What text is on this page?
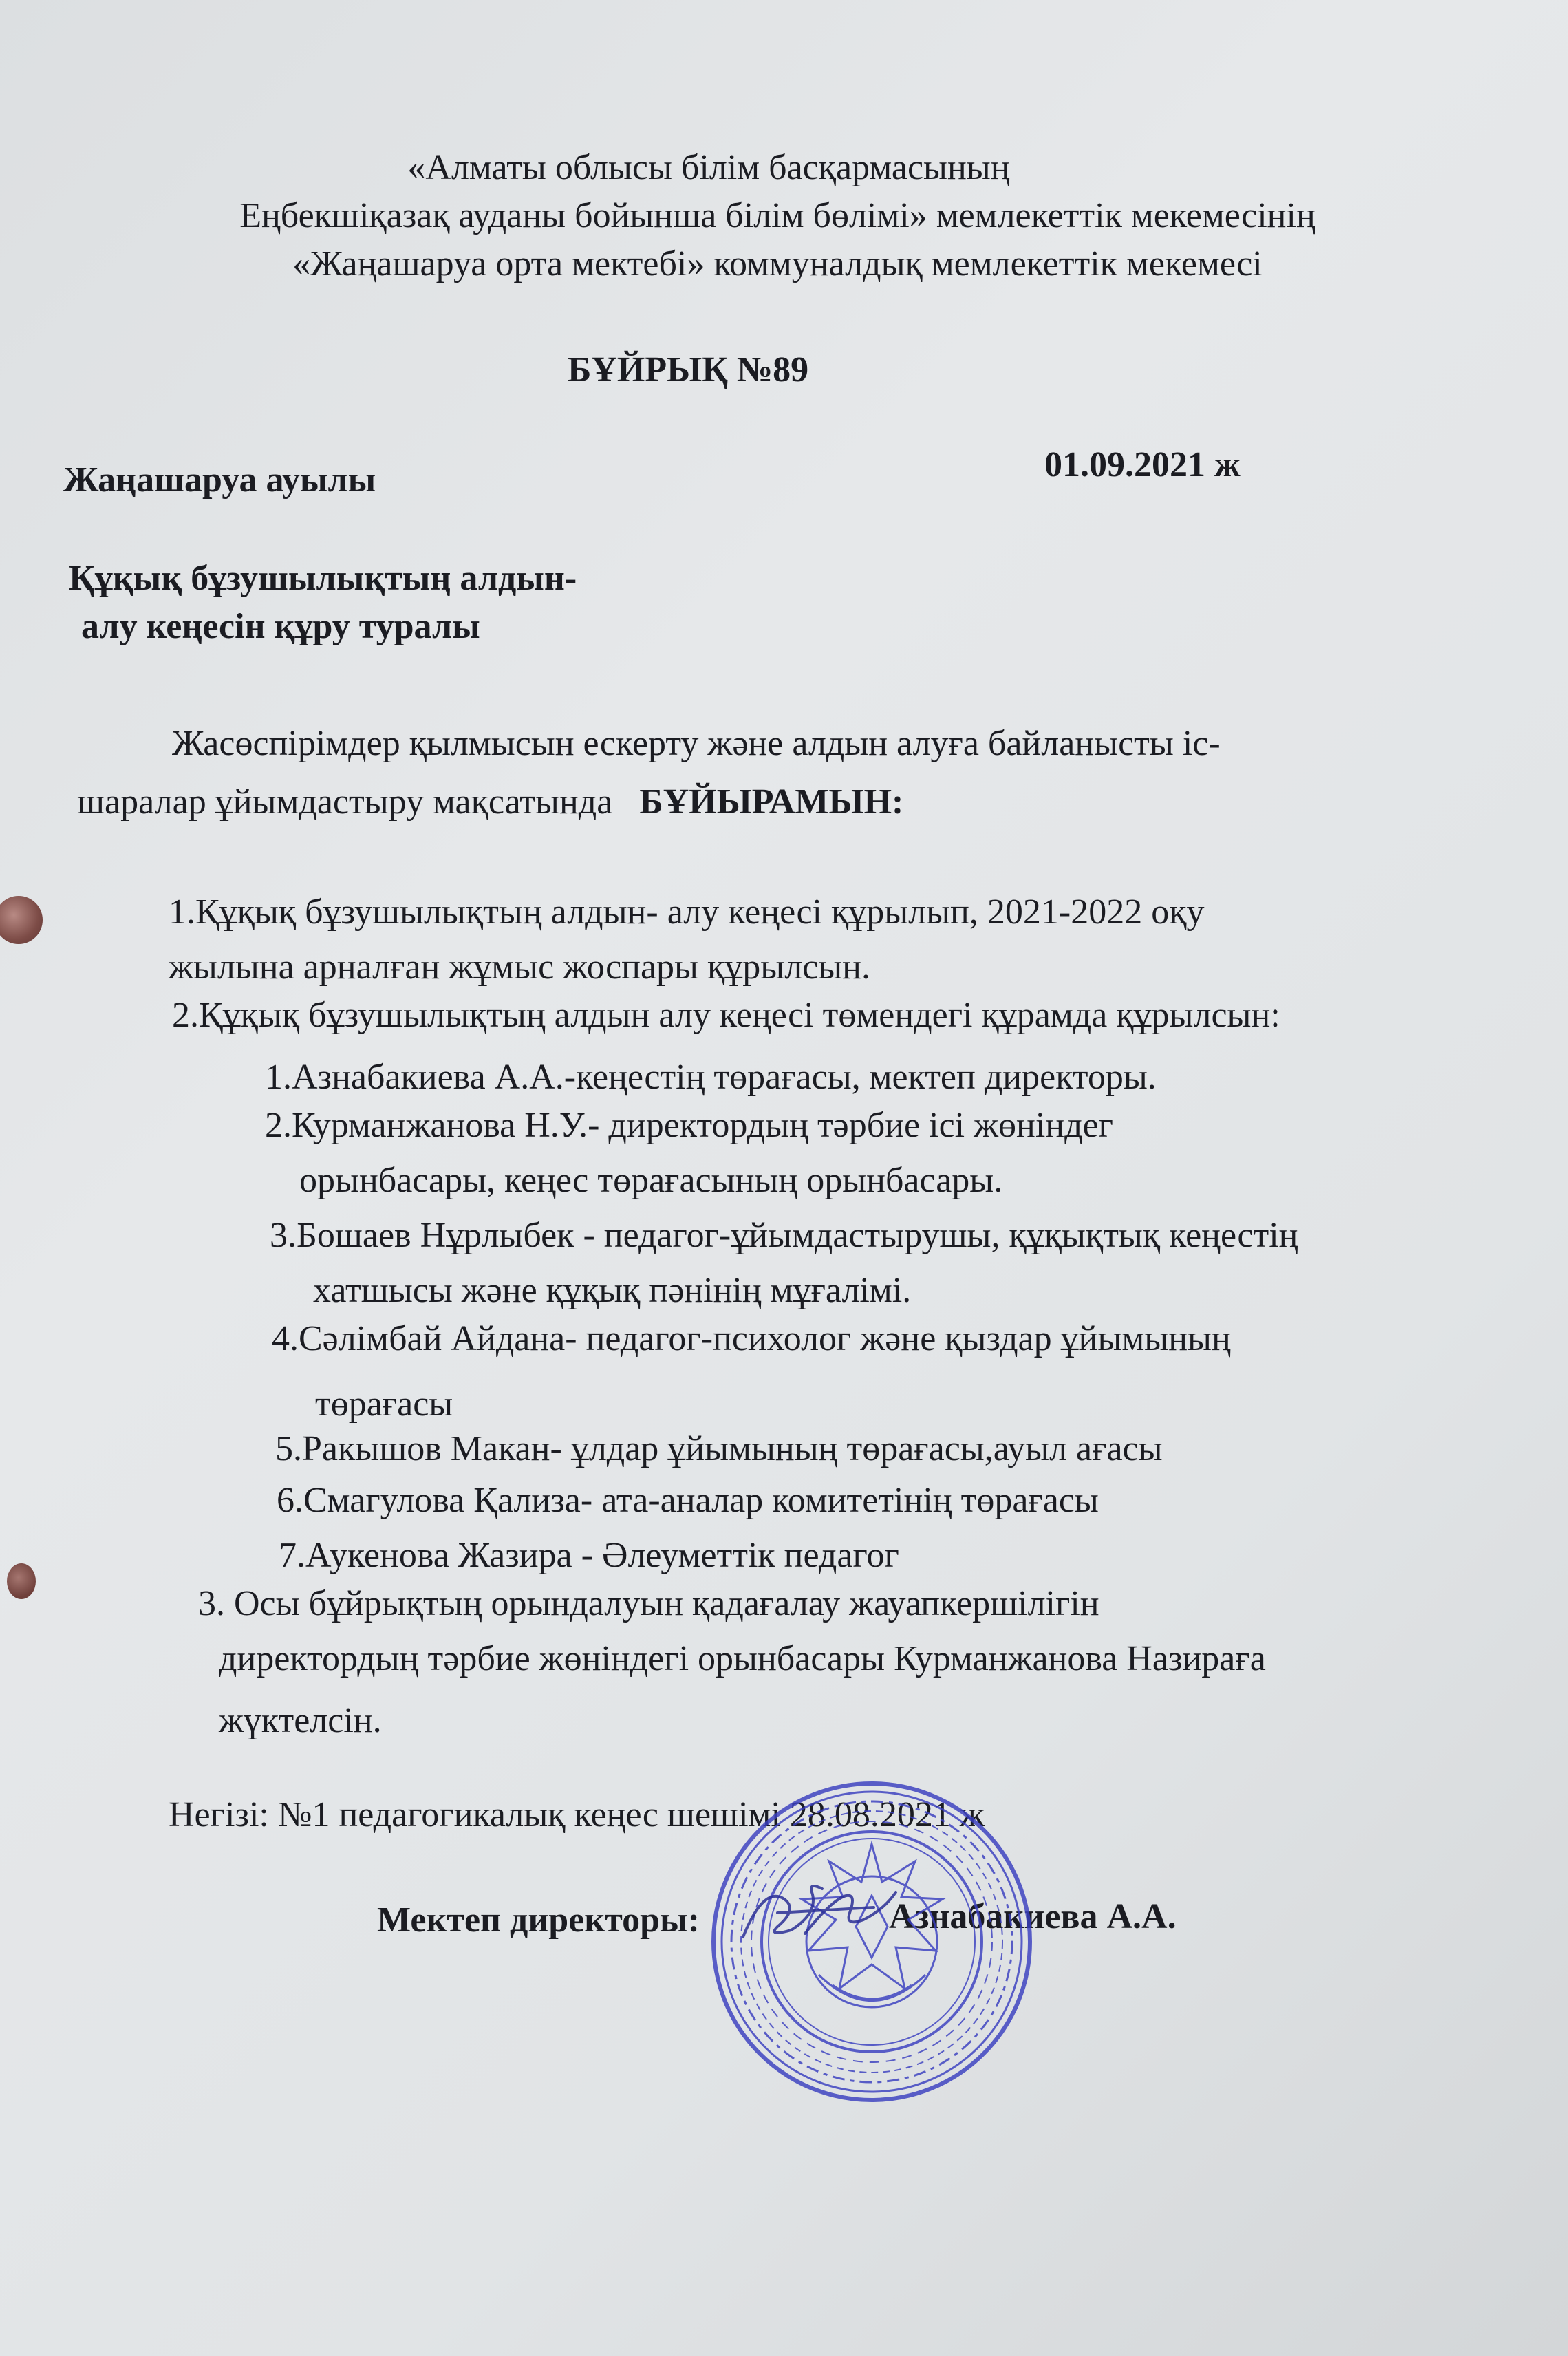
«Алматы облысы білім басқармасының
Еңбекшіқазақ ауданы бойынша білім бөлімі» мемлекеттік мекемесінің
«Жаңашаруа орта мектебі» коммуналдық мемлекеттік мекемесі
БҰЙРЫҚ №89
Жаңашаруа ауылы	01.09.2021 ж
Құқық бұзушылықтың алдын-
алу кеңесін құру туралы
Жасөспірімдер қылмысын ескерту және алдын алуға байланысты іс-
шаралар ұйымдастыру мақсатында БҰЙЫРАМЫН:
1.Құқық бұзушылықтың алдын- алу кеңесі құрылып, 2021-2022 оқу
жылына арналған жұмыс жоспары құрылсын.
2.Құқық бұзушылықтың алдын алу кеңесі төмендегі құрамда құрылсын:
1.Азнабакиева А.А.-кеңестің төрағасы, мектеп директоры.
2.Курманжанова Н.У.- директордың тәрбие ісі жөніндег
орынбасары, кеңес төрағасының орынбасары.
3.Бошаев Нұрлыбек - педагог-ұйымдастырушы, құқықтық кеңестің
хатшысы және құқық пәнінің мұғалімі.
4.Сәлімбай Айдана- педагог-психолог және қыздар ұйымының
төрағасы
5.Ракышов Макан- ұлдар ұйымының төрағасы,ауыл ағасы
6.Смагулова Қализа- ата-аналар комитетінің төрағасы
7.Аукенова Жазира - Әлеуметтік педагог
3. Осы бұйрықтың орындалуын қадағалау жауапкершілігін
директордың тәрбие жөніндегі орынбасары Курманжанова Назираға
жүктелсін.
Негізі: №1 педагогикалық кеңес шешімі 28.08.2021 ж
Мектеп директоры:	Азнабакиева А.А.
